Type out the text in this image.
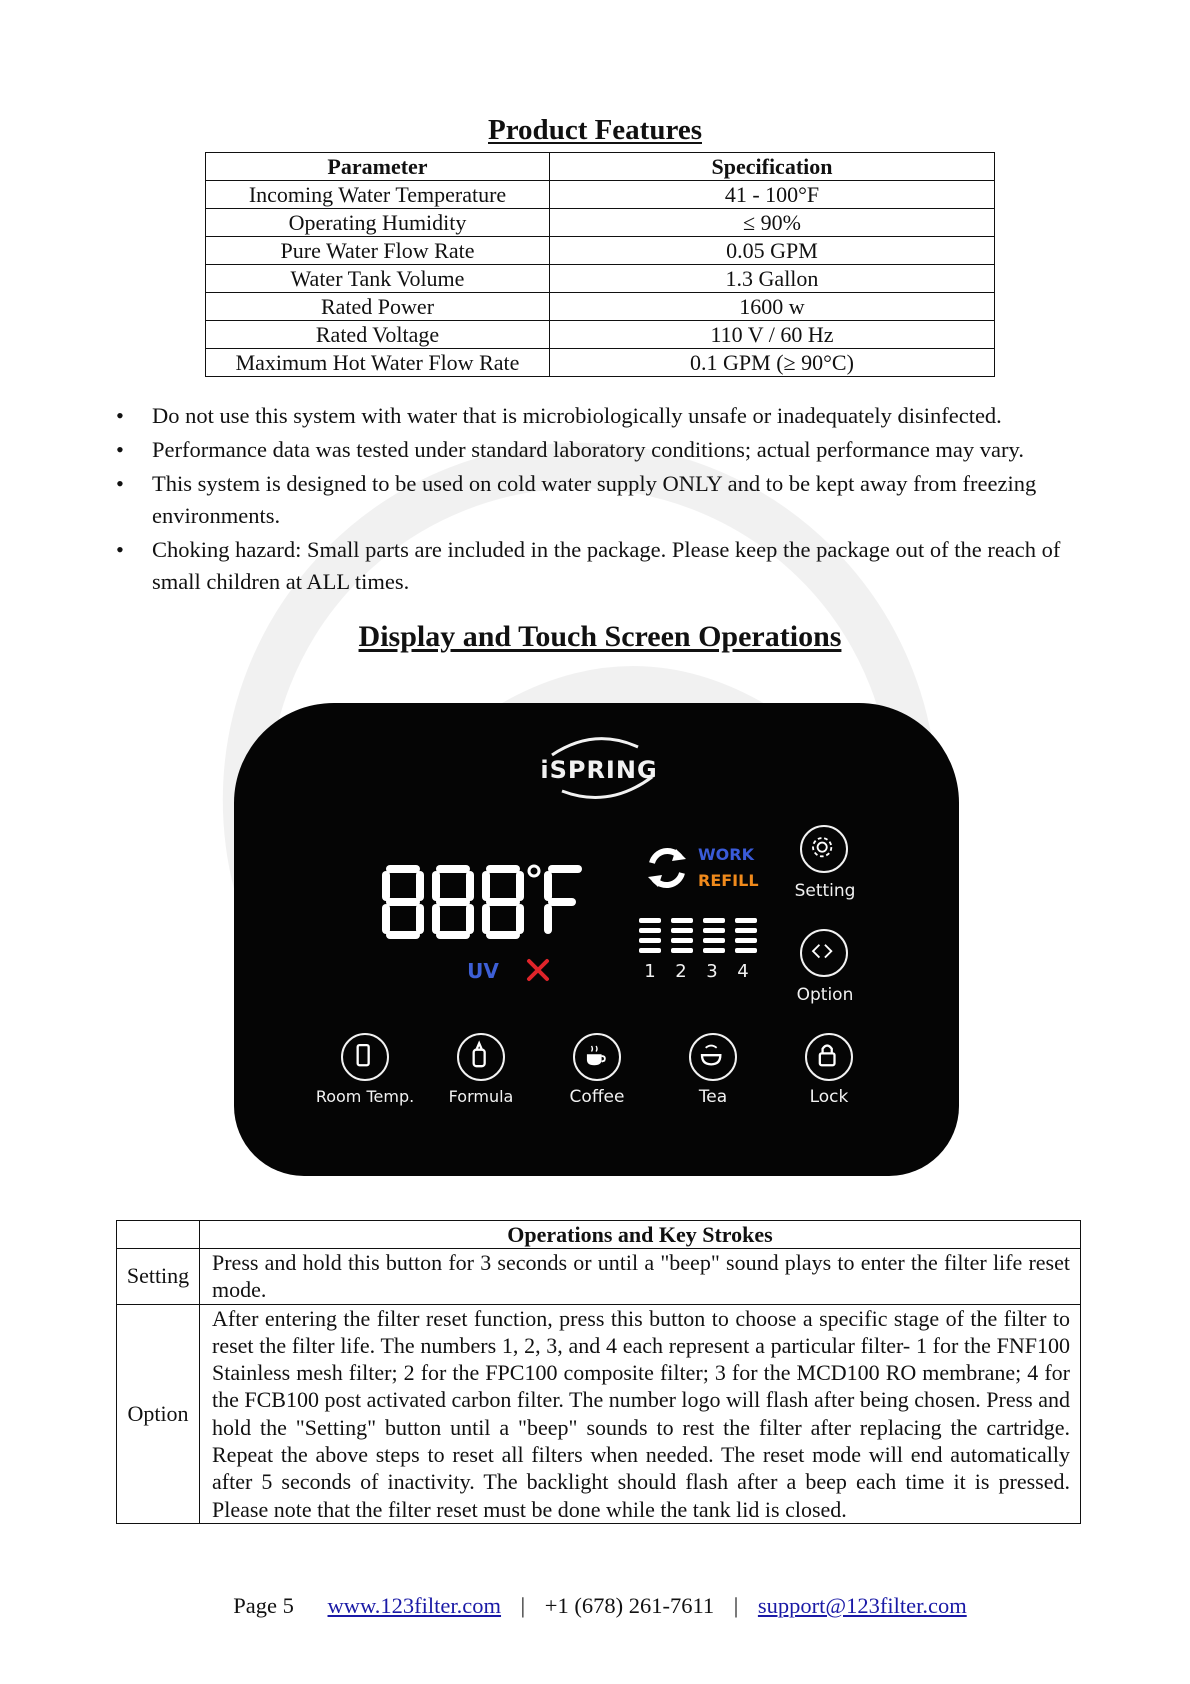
Product Features
Parameter	Specification
Incoming Water Temperature	41 - 100°F
Operating Humidity	≤ 90%
Pure Water Flow Rate	0.05 GPM
Water Tank Volume	1.3 Gallon
Rated Power	1600 w
Rated Voltage	110 V / 60 Hz
Maximum Hot Water Flow Rate	0.1 GPM (≥ 90°C)
• Do not use this system with water that is microbiologically unsafe or inadequately disinfected.
• Performance data was tested under standard laboratory conditions; actual performance may vary.
• This system is designed to be used on cold water supply ONLY and to be kept away from freezing environments.
• Choking hazard: Small parts are included in the package. Please keep the package out of the reach of small children at ALL times.
Display and Touch Screen Operations
iSPRING
UV
WORK
REFILL
1	2	3	4
Setting
Option
Room Temp.	Formula	Coffee	Tea	Lock
	Operations and Key Strokes
Setting	Press and hold this button for 3 seconds or until a "beep" sound plays to enter the filter life reset mode.
Option	After entering the filter reset function, press this button to choose a specific stage of the filter to reset the filter life. The numbers 1, 2, 3, and 4 each represent a particular filter- 1 for the FNF100 Stainless mesh filter; 2 for the FPC100 composite filter; 3 for the MCD100 RO membrane; 4 for the FCB100 post activated carbon filter. The number logo will flash after being chosen. Press and hold the "Setting" button until a "beep" sounds to rest the filter after replacing the cartridge. Repeat the above steps to reset all filters when needed. The reset mode will end automatically after 5 seconds of inactivity. The backlight should flash after a beep each time it is pressed. Please note that the filter reset must be done while the tank lid is closed.
Page 5 www.123filter.com | +1 (678) 261-7611 | support@123filter.com
